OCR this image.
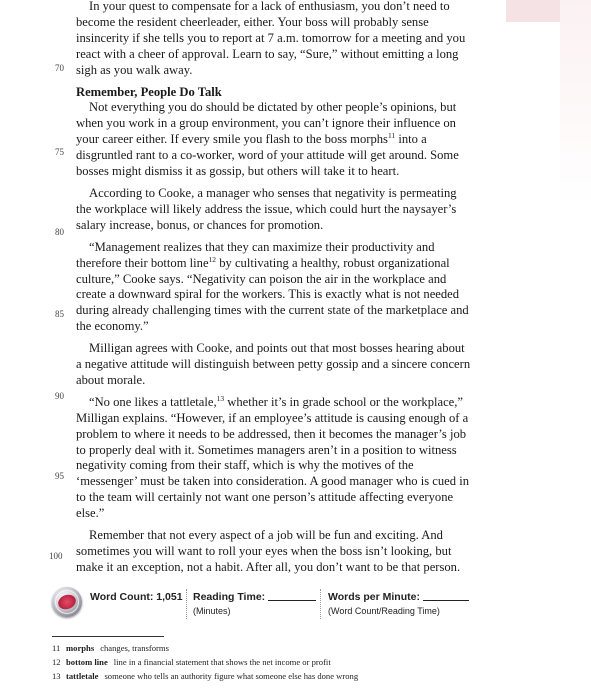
70
75
80
85
90
95
100

In your quest to compensate for a lack of enthusiasm, you don’t need to become the resident cheerleader, either. Your boss will probably sense insincerity if she tells you to report at 7 a.m. tomorrow for a meeting and you react with a cheer of approval. Learn to say, “Sure,” without emitting a long sigh as you walk away.

Remember, People Do Talk

Not everything you do should be dictated by other people’s opinions, but when you work in a group environment, you can’t ignore their influence on your career either. If every smile you flash to the boss morphs$^{11}$ into a disgruntled rant to a co-worker, word of your attitude will get around. Some bosses might dismiss it as gossip, but others will take it to heart.

According to Cooke, a manager who senses that negativity is permeating the workplace will likely address the issue, which could hurt the naysayer’s salary increase, bonus, or chances for promotion.

“Management realizes that they can maximize their productivity and therefore their bottom line$^{12}$ by cultivating a healthy, robust organizational culture,” Cooke says. “Negativity can poison the air in the workplace and create a downward spiral for the workers. This is exactly what is not needed during already challenging times with the current state of the marketplace and the economy.”

Milligan agrees with Cooke, and points out that most bosses hearing about a negative attitude will distinguish between petty gossip and a sincere concern about morale.

“No one likes a tattletale,$^{13}$ whether it’s in grade school or the workplace,” Milligan explains. “However, if an employee’s attitude is causing enough of a problem to where it needs to be addressed, then it becomes the manager’s job to properly deal with it. Sometimes managers aren’t in a position to witness negativity coming from their staff, which is why the motives of the ‘messenger’ must be taken into consideration. A good manager who is cued in to the team will certainly not want one person’s attitude affecting everyone else.”

Remember that not every aspect of a job will be fun and exciting. And sometimes you will want to roll your eyes when the boss isn’t looking, but make it an exception, not a habit. After all, you don’t want to be that person.

Word Count: 1,051 Reading Time:
(Minutes)
Words per Minute:
(Word Count/Reading Time)
11 morphs changes, transforms
12 bottom line line in a financial statement that shows the net income or profit
13 tattletale someone who tells an authority figure what someone else has done wrong
